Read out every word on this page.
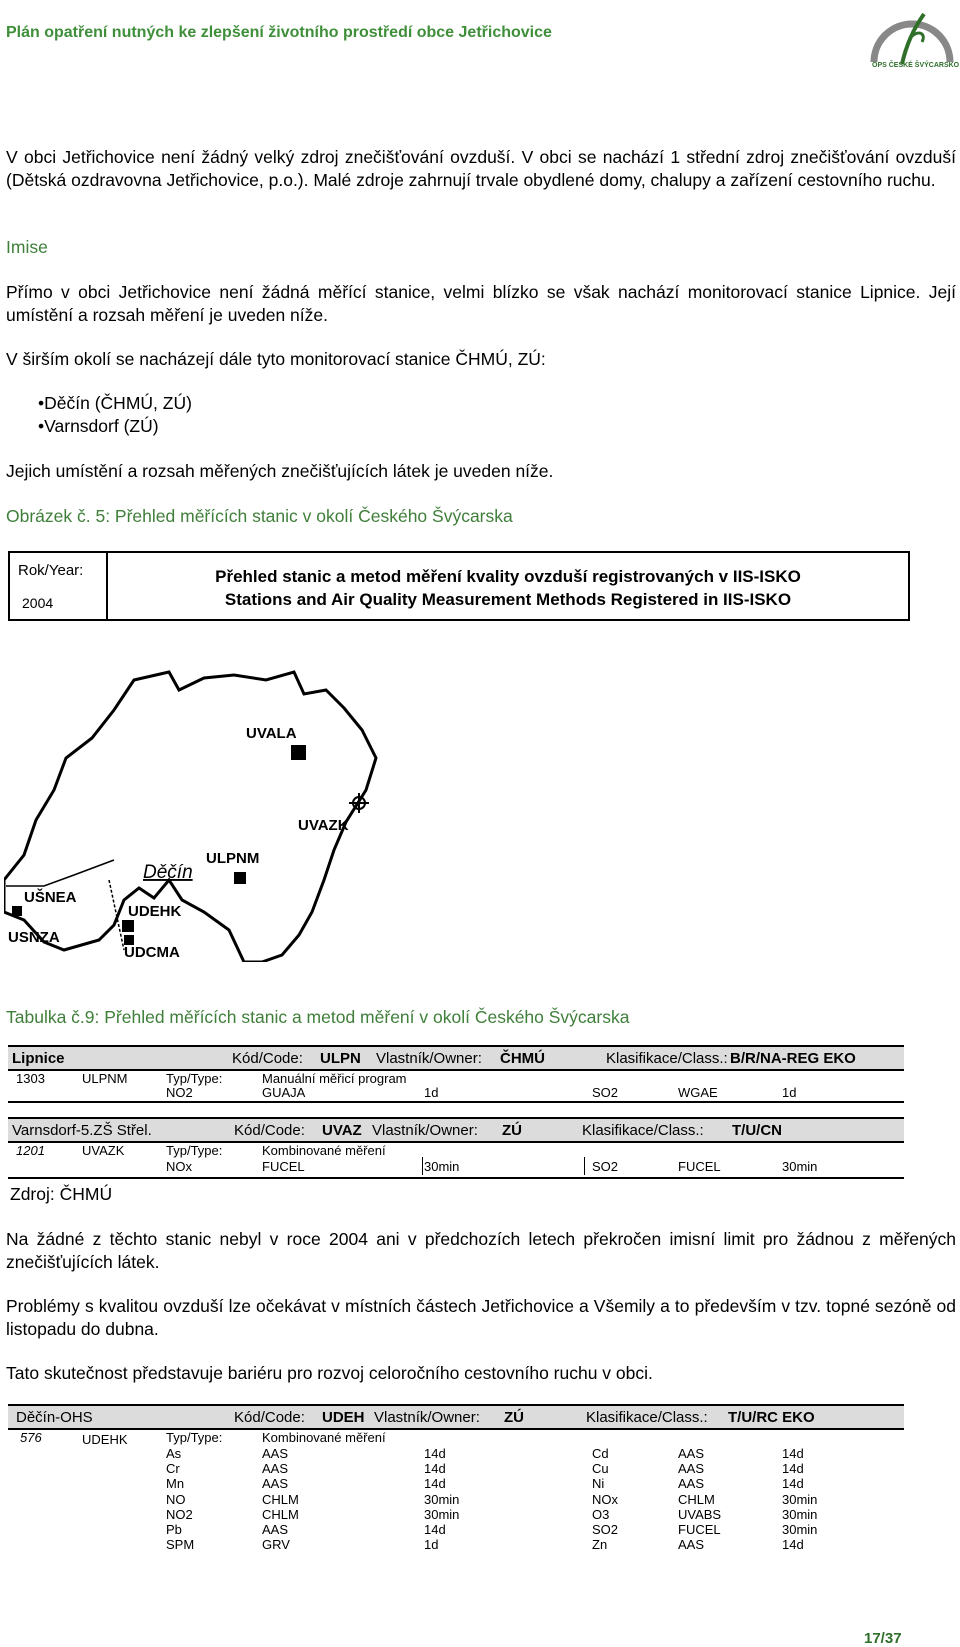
Plán opatření nutných ke zlepšení životního prostředí obce Jetřichovice
OPS ČESKÉ ŠVÝCARSKO
V obci Jetřichovice není žádný velký zdroj znečišťování ovzduší. V obci se nachází 1 střední zdroj znečišťování ovzduší (Dětská ozdravovna Jetřichovice, p.o.). Malé zdroje zahrnují trvale obydlené domy, chalupy a zařízení cestovního ruchu.
Imise
Přímo v obci Jetřichovice není žádná měřící stanice, velmi blízko se však nachází monitorovací stanice Lipnice. Její umístění a rozsah měření je uveden níže.
V širším okolí se nacházejí dále tyto monitorovací stanice ČHMÚ, ZÚ:
•Děčín (ČHMÚ, ZÚ)
•Varnsdorf (ZÚ)
Jejich umístění a rozsah měřených znečišťujících látek je uveden níže.
Obrázek č. 5: Přehled měřících stanic v okolí Českého Švýcarska
Rok/Year:
2004
Přehled stanic a metod měření kvality ovzduší registrovaných v IIS-ISKO
Stations and Air Quality Measurement Methods Registered in IIS-ISKO
UVALA
UVAZK
ULPNM
Děčín
UŠNEA
UDEHK
USNZA
UDCMA
Tabulka č.9: Přehled měřících stanic a metod měření v okolí Českého Švýcarska
Lipnice	Kód/Code: ULPN Vlastník/Owner: ČHMÚ	Klasifikace/Class.: B/R/NA-REG EKO
1303	ULPNM	Typ/Type:	Manuální měřicí program
NO2	GUAJA	1d	SO2	WGAE	1d
Varnsdorf-5.ZŠ Střel.	Kód/Code: UVAZ Vlastník/Owner: ZÚ	Klasifikace/Class.: T/U/CN
1201	UVAZK	Typ/Type:	Kombinované měření
NOx	FUCEL	30min	SO2	FUCEL	30min
Zdroj: ČHMÚ
Na žádné z těchto stanic nebyl v roce 2004 ani v předchozích letech překročen imisní limit pro žádnou z měřených znečišťujících látek.
Problémy s kvalitou ovzduší lze očekávat v místních částech Jetřichovice a Všemily a to především v tzv. topné sezóně od listopadu do dubna.
Tato skutečnost představuje bariéru pro rozvoj celoročního cestovního ruchu v obci.
Děčín-OHS	Kód/Code: UDEH Vlastník/Owner: ZÚ	Klasifikace/Class.: T/U/RC EKO
576	UDEHK	Typ/Type:	Kombinované měření
As	AAS	14d	Cd	AAS	14d
Cr	AAS	14d	Cu	AAS	14d
Mn	AAS	14d	Ni	AAS	14d
NO	CHLM	30min	NOx	CHLM	30min
NO2	CHLM	30min	O3	UVABS	30min
Pb	AAS	14d	SO2	FUCEL	30min
SPM	GRV	1d	Zn	AAS	14d
17/37
